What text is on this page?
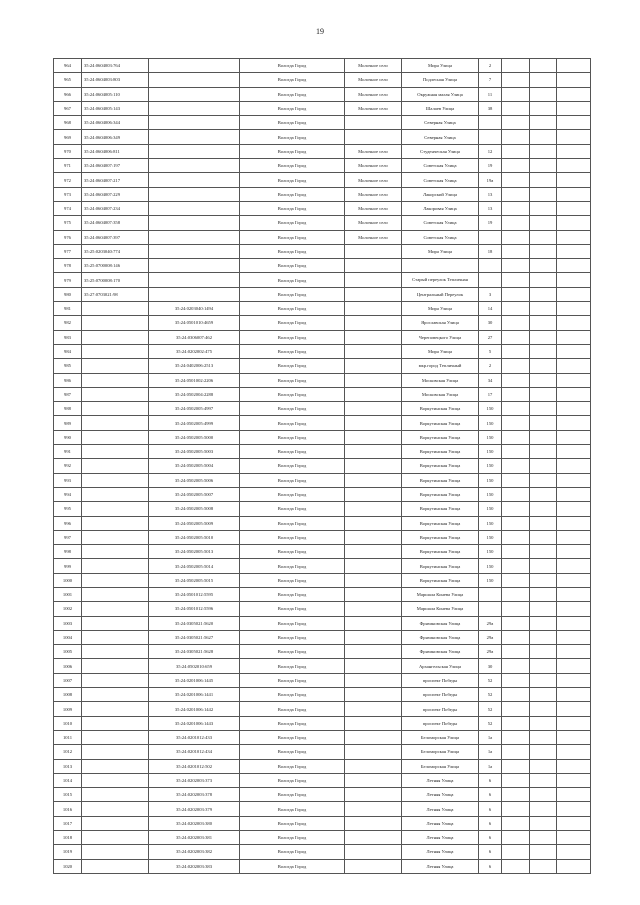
19
964	35:24:0604003:764		Вологда Город	Молочное село	Мира Улица	2			
965	35:24:0604003:803		Вологда Город	Молочное село	Подлесная Улица	7			
966	35:24:0604005:110		Вологда Город	Молочное село	Окружная малая Улица	11			
967	35:24:0604005:143		Вологда Город	Молочное село	Шалаев Улица	38			
968	35:24:0604006:344		Вологда Город		Северная Улица				
969	35:24:0604006:349		Вологда Город		Северная Улица				
970	35:24:0604006:811		Вологда Город	Молочное село	Студенческая Улица	12			
971	35:24:0604007:197		Вологда Город	Молочное село	Советская Улица	19			
972	35:24:0604007:217		Вологда Город	Молочное село	Советская Улица	19а			
973	35:24:0604007:229		Вологда Город	Молочное село	Лакорский Улица	13			
974	35:24:0604007:234		Вологда Город	Молочное село	Лакоровая Улица	13			
975	35:24:0604007:358		Вологда Город	Молочное село	Советская Улица	19			
976	35:24:0604007:397		Вологда Город	Молочное село	Советская Улица				
977	35:25:0203040:774		Вологда Город		Мира Улица	18			
978	35:25:0700008:146		Вологда Город						
979	35:25:0700008:170		Вологда Город		Старый переулок Тепличная				
980	35:27:0703021:98		Вологда Город		Центральный Переулок	3			
981		35:24:0203040:1494	Вологда Город		Мира Улица	14			
982		35:24:0501010:4659	Вологда Город		Ярославская Улица	30			
983		35:24:0306007:462	Вологда Город		Череповецкого Улица	27			
984		35:24:0202002:475	Вологда Город		Мира Улица	5			
985		35:24:0402006:2513	Вологда Город		мкр.город Тепличный	2			
986		35:24:0501002:2206	Вологда Город		Московская Улица	34			
987		35:24:0502004:2288	Вологда Город		Московская Улица	17			
988		35:24:0502005:4997	Вологда Город		Воркутинская Улица	150			
989		35:24:0502005:4999	Вологда Город		Воркутинская Улица	150			
990		35:24:0502005:5000	Вологда Город		Воркутинская Улица	150			
991		35:24:0502005:5003	Вологда Город		Воркутинская Улица	150			
992		35:24:0502005:5004	Вологда Город		Воркутинская Улица	150			
993		35:24:0502005:5006	Вологда Город		Воркутинская Улица	150			
994		35:24:0502005:5007	Вологда Город		Воркутинская Улица	150			
995		35:24:0502005:5008	Вологда Город		Воркутинская Улица	150			
996		35:24:0502005:5009	Вологда Город		Воркутинская Улица	150			
997		35:24:0502005:5010	Вологда Город		Воркутинская Улица	150			
998		35:24:0502005:5013	Вологда Город		Воркутинская Улица	150			
999		35:24:0502005:5014	Вологда Город		Воркутинская Улица	150			
1000		35:24:0502005:5015	Вологда Город		Воркутинская Улица	150			
1001		35:24:0501012:5595	Вологда Город		Маршала Конева Улица				
1002		35:24:0501012:5596	Вологда Город		Маршала Конева Улица				
1003		35:24:0305021:5620	Вологда Город		Фрязиновская Улица	29а			
1004		35:24:0305021:5627	Вологда Город		Фрязиновская Улица	29а			
1005		35:24:0305021:5628	Вологда Город		Фрязиновская Улица	29а			
1006		35:24:0502010:659	Вологда Город		Архангельская Улица	30			
1007		35:24:0201006:1445	Вологда Город		проспект Победы	52			
1008		35:24:0201006:1441	Вологда Город		проспект Победы	52			
1009		35:24:0201006:1442	Вологда Город		проспект Победы	52			
1010		35:24:0201006:1443	Вологда Город		проспект Победы	52			
1011		35:24:0201012:433	Вологда Город		Беломорская Улица	1а			
1012		35:24:0201012:434	Вологда Город		Беломорская Улица	1а			
1013		35:24:0201012:502	Вологда Город		Беломорская Улица	1а			
1014		35:24:0202003:373	Вологда Город		Летняя Улица	6			
1015		35:24:0202003:378	Вологда Город		Летняя Улица	6			
1016		35:24:0202003:379	Вологда Город		Летняя Улица	6			
1017		35:24:0202003:380	Вологда Город		Летняя Улица	6			
1018		35:24:0202003:381	Вологда Город		Летняя Улица	6			
1019		35:24:0202003:382	Вологда Город		Летняя Улица	6			
1020		35:24:0202003:383	Вологда Город		Летняя Улица	6			
